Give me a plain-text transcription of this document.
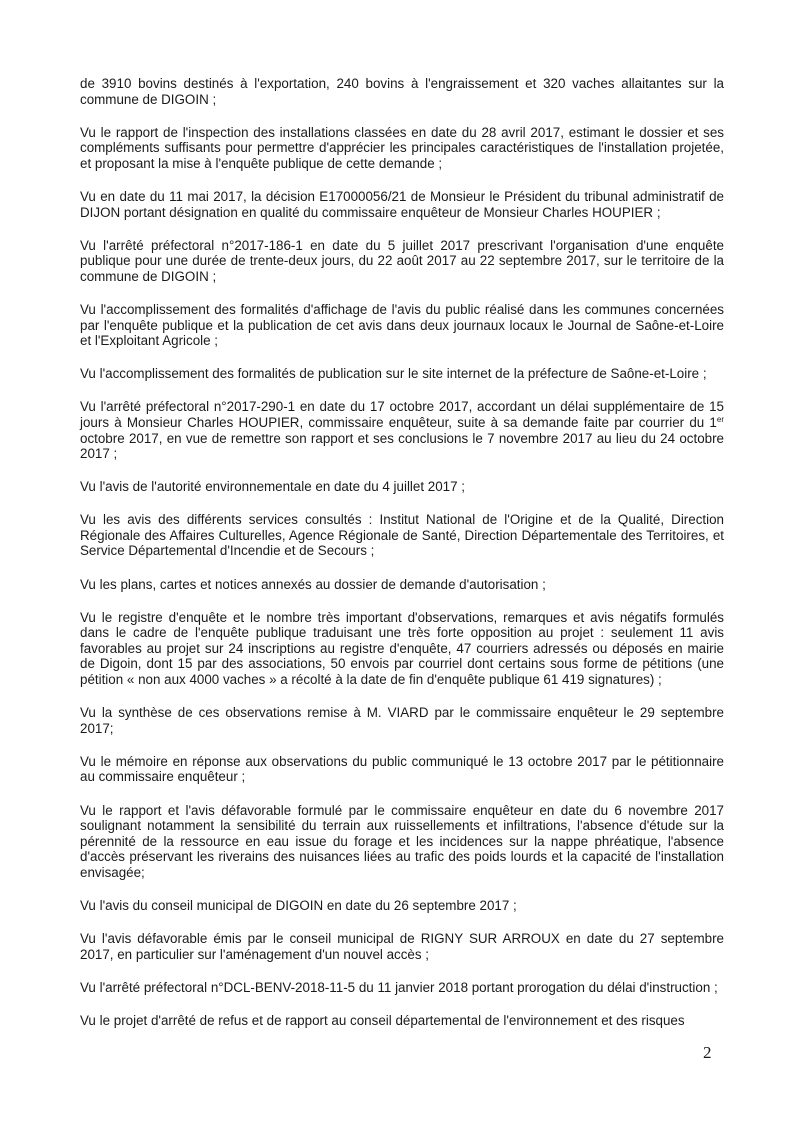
de 3910 bovins destinés à l'exportation, 240 bovins à l'engraissement et 320 vaches allaitantes sur la commune de DIGOIN ;

Vu le rapport de l'inspection des installations classées en date du 28 avril 2017, estimant le dossier et ses compléments suffisants pour permettre d'apprécier les principales caractéristiques de l'installation projetée, et proposant la mise à l'enquête publique de cette demande ;

Vu en date du 11 mai 2017, la décision E17000056/21 de Monsieur le Président du tribunal administratif de DIJON portant désignation en qualité du commissaire enquêteur de Monsieur Charles HOUPIER ;

Vu l'arrêté préfectoral n°2017-186-1 en date du 5 juillet 2017 prescrivant l'organisation d'une enquête publique pour une durée de trente-deux jours, du 22 août 2017 au 22 septembre 2017, sur le territoire de la commune de DIGOIN ;

Vu l'accomplissement des formalités d'affichage de l'avis du public réalisé dans les communes concernées par l'enquête publique et la publication de cet avis dans deux journaux locaux le Journal de Saône-et-Loire et l'Exploitant Agricole ;

Vu l'accomplissement des formalités de publication sur le site internet de la préfecture de Saône-et-Loire ;

Vu l'arrêté préfectoral n°2017-290-1 en date du 17 octobre 2017, accordant un délai supplémentaire de 15 jours à Monsieur Charles HOUPIER, commissaire enquêteur, suite à sa demande faite par courrier du 1er octobre 2017, en vue de remettre son rapport et ses conclusions le 7 novembre 2017 au lieu du 24 octobre 2017 ;

Vu l'avis de l'autorité environnementale en date du 4 juillet 2017 ;

Vu les avis des différents services consultés : Institut National de l'Origine et de la Qualité, Direction Régionale des Affaires Culturelles, Agence Régionale de Santé, Direction Départementale des Territoires, et Service Départemental d'Incendie et de Secours ;

Vu les plans, cartes et notices annexés au dossier de demande d'autorisation ;

Vu le registre d'enquête et le nombre très important d'observations, remarques et avis négatifs formulés dans le cadre de l'enquête publique traduisant une très forte opposition au projet : seulement 11 avis favorables au projet sur 24 inscriptions au registre d'enquête, 47 courriers adressés ou déposés en mairie de Digoin, dont 15 par des associations, 50 envois par courriel dont certains sous forme de pétitions (une pétition « non aux 4000 vaches » a récolté à la date de fin d'enquête publique 61 419 signatures) ;

Vu la synthèse de ces observations remise à M. VIARD par le commissaire enquêteur le 29 septembre 2017;

Vu le mémoire en réponse aux observations du public communiqué le 13 octobre 2017 par le pétitionnaire au commissaire enquêteur ;

Vu le rapport et l'avis défavorable formulé par le commissaire enquêteur en date du 6 novembre 2017 soulignant notamment la sensibilité du terrain aux ruissellements et infiltrations, l'absence d'étude sur la pérennité de la ressource en eau issue du forage et les incidences sur la nappe phréatique, l'absence d'accès préservant les riverains des nuisances liées au trafic des poids lourds et la capacité de l'installation envisagée;

Vu l'avis du conseil municipal de DIGOIN en date du 26 septembre 2017 ;

Vu l'avis défavorable émis par le conseil municipal de RIGNY SUR ARROUX en date du 27 septembre 2017, en particulier sur l'aménagement d'un nouvel accès ;

Vu l'arrêté préfectoral n°DCL-BENV-2018-11-5 du 11 janvier 2018 portant prorogation du délai d'instruction ;

Vu le projet d'arrêté de refus et de rapport au conseil départemental de l'environnement et des risques

2
